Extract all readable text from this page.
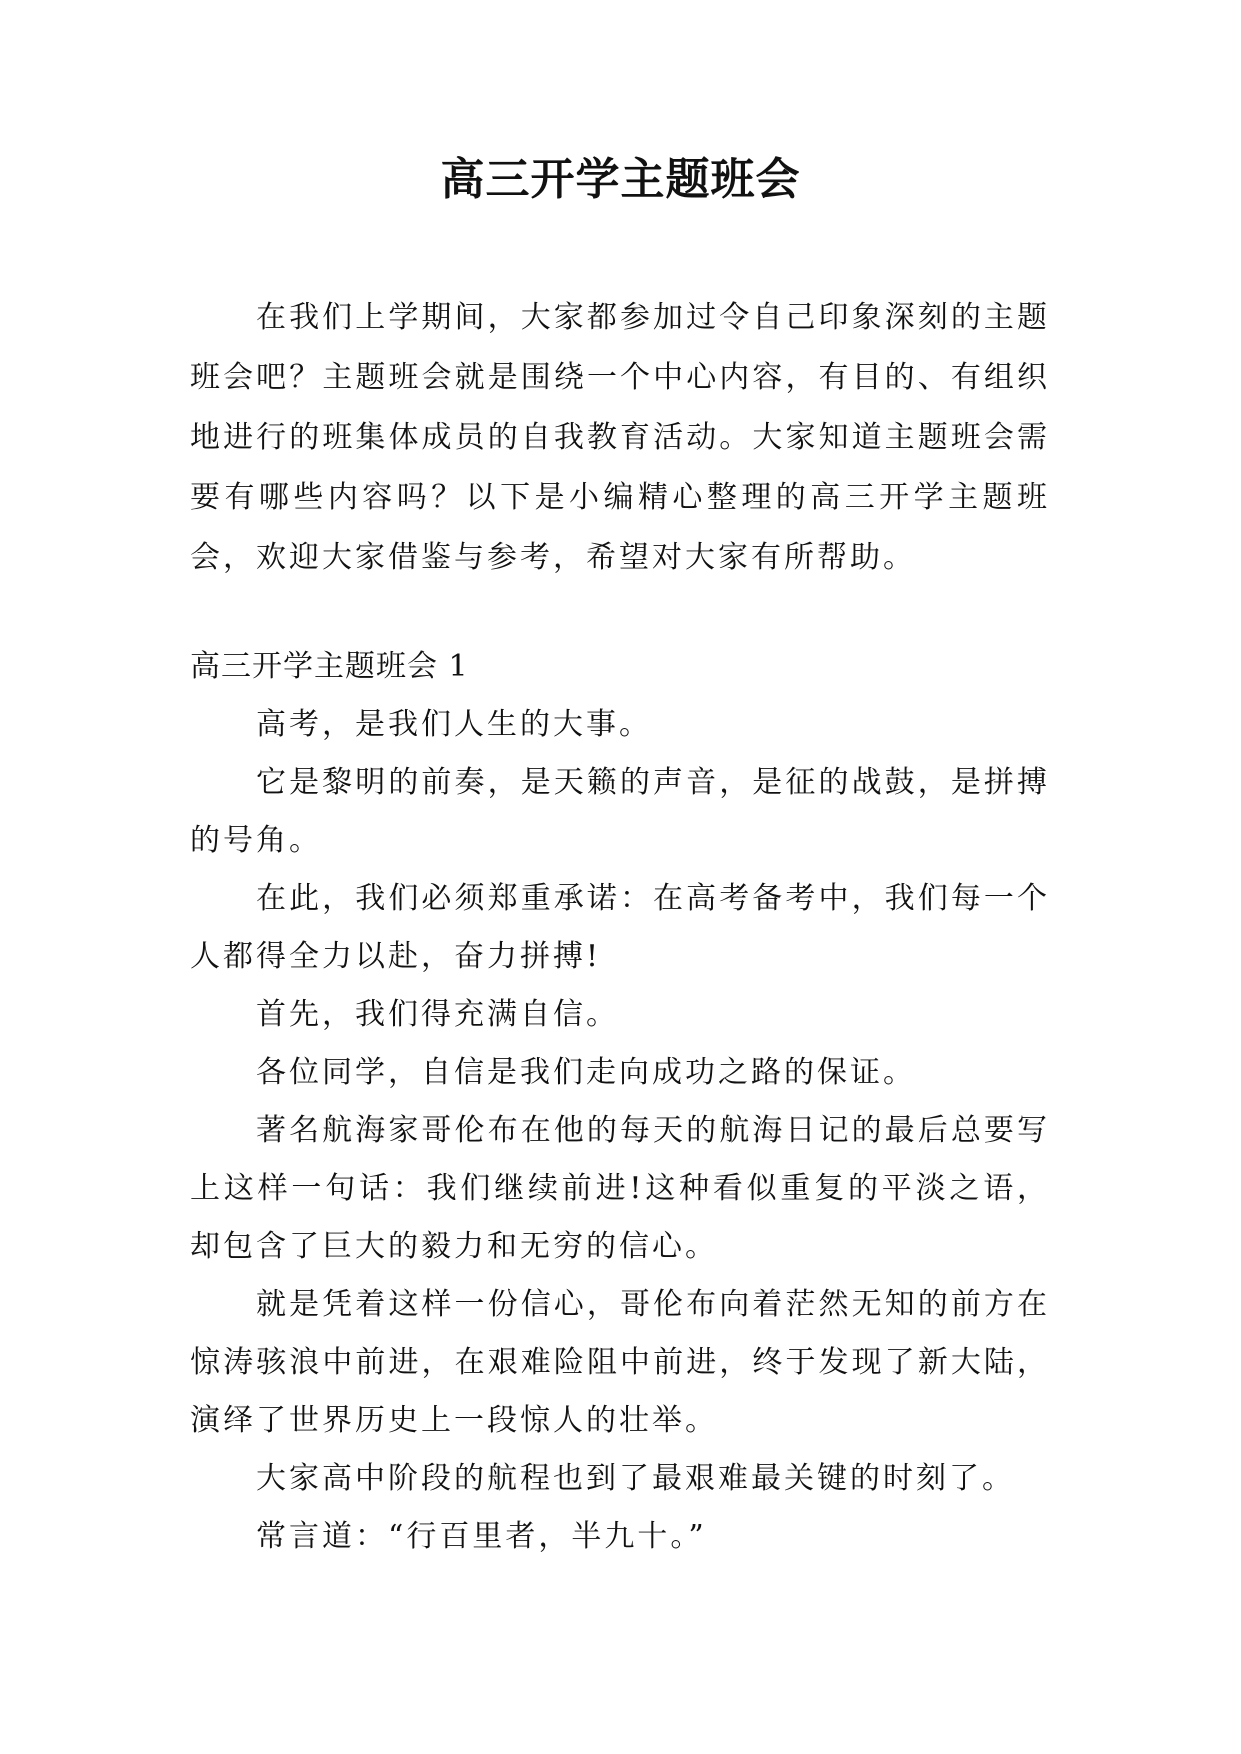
高三开学主题班会

在我们上学期间，大家都参加过令自己印象深刻的主题班会吧？主题班会就是围绕一个中心内容，有目的、有组织地进行的班集体成员的自我教育活动。大家知道主题班会需要有哪些内容吗？以下是小编精心整理的高三开学主题班会，欢迎大家借鉴与参考，希望对大家有所帮助。

高三开学主题班会 1

高考，是我们人生的大事。

它是黎明的前奏，是天籁的声音，是征的战鼓，是拼搏的号角。

在此，我们必须郑重承诺：在高考备考中，我们每一个人都得全力以赴，奋力拼搏!

首先，我们得充满自信。

各位同学，自信是我们走向成功之路的保证。

著名航海家哥伦布在他的每天的航海日记的最后总要写上这样一句话：我们继续前进!这种看似重复的平淡之语，却包含了巨大的毅力和无穷的信心。

就是凭着这样一份信心，哥伦布向着茫然无知的前方在惊涛骇浪中前进，在艰难险阻中前进，终于发现了新大陆，演绎了世界历史上一段惊人的壮举。

大家高中阶段的航程也到了最艰难最关键的时刻了。

常言道：“行百里者，半九十。”
